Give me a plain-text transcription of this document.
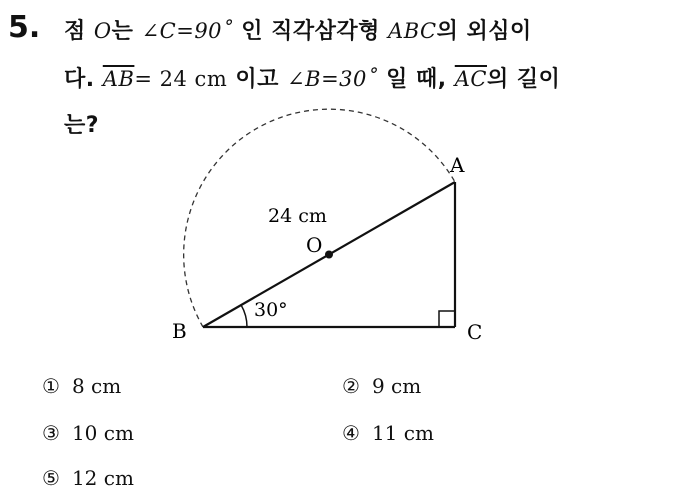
5. 점 O는 ∠C=90˚ 인 직각삼각형 ABC의 외심이
다. $\overline{AB}= 24$ cm 이고 ∠B=30˚ 일 때, $\overline{AC}$의 길이
는?
A
B	C
O
24 cm
30°
① 8 cm	② 9 cm
③ 10 cm	④ 11 cm
⑤ 12 cm
